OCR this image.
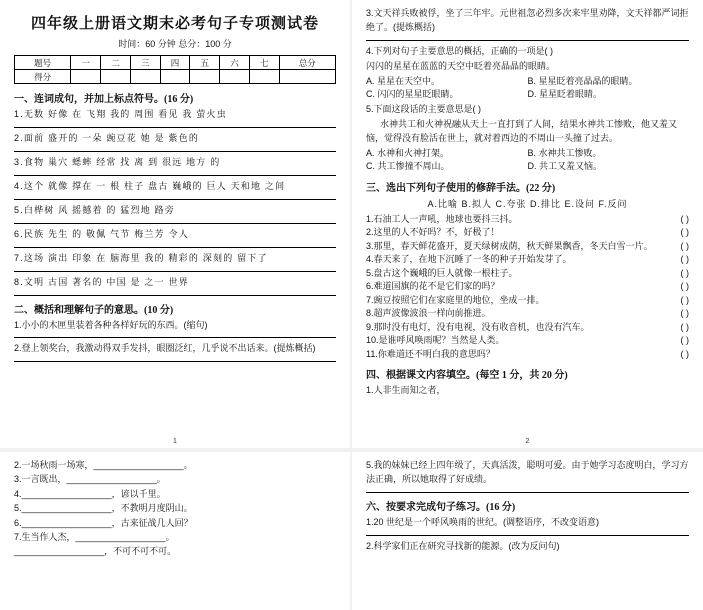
四年级上册语文期末必考句子专项测试卷
时间：60 分钟 总分：100 分
题号	一	二	三	四	五	六	七	总分
得分								
一、连词成句，并加上标点符号。(16 分)
1.无数 好像 在 飞翔 我的 周围 看见 我 萤火虫
2.面前 盛开的 一朵 豌豆花 她 是 紫色的
3.食物 巢穴 蟋蟀 经常 找 离 到 很远 地方 的
4.这个 就像 撑在 一 根 柱子 盘古 巍峨的 巨人 天和地 之间
5.白桦树 风 摇撼着 的 猛烈地 路旁
6.民族 先生 的 敬佩 气节 梅兰芳 令人
7.这场 演出 印象 在 脑海里 我的 精彩的 深刻的 留下了
8.文明 古国 著名的 中国 是 之一 世界
二、概括和理解句子的意思。(10 分)
1.小小的木匣里装着各种各样好玩的东西。(缩句)
2.登上领奖台，我激动得双手发抖，眼圈泛红，几乎说不出话来。(提炼概括)
1
3.文天祥兵败被俘，坐了三年牢。元世祖忽必烈多次来牢里劝降，文天祥都严词拒绝了。(提炼概括)
4.下列对句子主要意思的概括，正确的一项是( )
闪闪的星星在蓝蓝的天空中眨着亮晶晶的眼睛。
A. 星星在天空中。	B. 星星眨着亮晶晶的眼睛。
C. 闪闪的星星眨眼睛。	D. 星星眨着眼睛。
5.下面这段话的主要意思是( )
水神共工和火神祝融从天上一直打到了人间，结果水神共工惨败，他又羞又恼，觉得没有脸活在世上，就对着西边的不周山一头撞了过去。
A. 水神和火神打架。	B. 水神共工惨败。
C. 共工惨撞不周山。	D. 共工又羞又恼。
三、选出下列句子使用的修辞手法。(22 分)
A.比喻 B.拟人 C.夸张 D.排比 E.设问 F.反问
1.石油工人一声吼，地球也要抖三抖。	( )
2.这里的人不好吗？不，好极了！	( )
3.那里，春天鲜花盛开，夏天绿树成荫，秋天鲜果飘香，冬天白雪一片。	( )
4.春天来了，在地下沉睡了一冬的种子开始发芽了。	( )
5.盘古这个巍峨的巨人就像一根柱子。	( )
6.难道国旗的花不是它们家的吗？	( )
7.豌豆按照它们在家庭里的地位，坐成一排。	( )
8.超声波像波浪一样向前推进。	( )
9.那时没有电灯，没有电视，没有收音机，也没有汽车。	( )
10.是谁呼风唤雨呢？当然是人类。	( )
11.你难道还不明白我的意思吗？	( )
四、根据课文内容填空。(每空 1 分，共 20 分)
1.人非生而知之者，
2
2.一场秋雨一场寒，__________________。
3.一言既出，__________________。
4.__________________，谚以千里。
5.__________________，不教明月度阴山。
6.__________________，古来征战几人回？
7.生当作人杰，__________________。
__________________，不可不可不可。
5.我的妹妹已经上四年级了，天真活泼，聪明可爱。由于她学习态度明白，学习方法正确，所以她取得了好成绩。
六、按要求完成句子练习。(16 分)
1.20 世纪是一个呼风唤雨的世纪。(调整语序，不改变语意)
2.科学家们正在研究寻找新的能源。(改为反问句)
